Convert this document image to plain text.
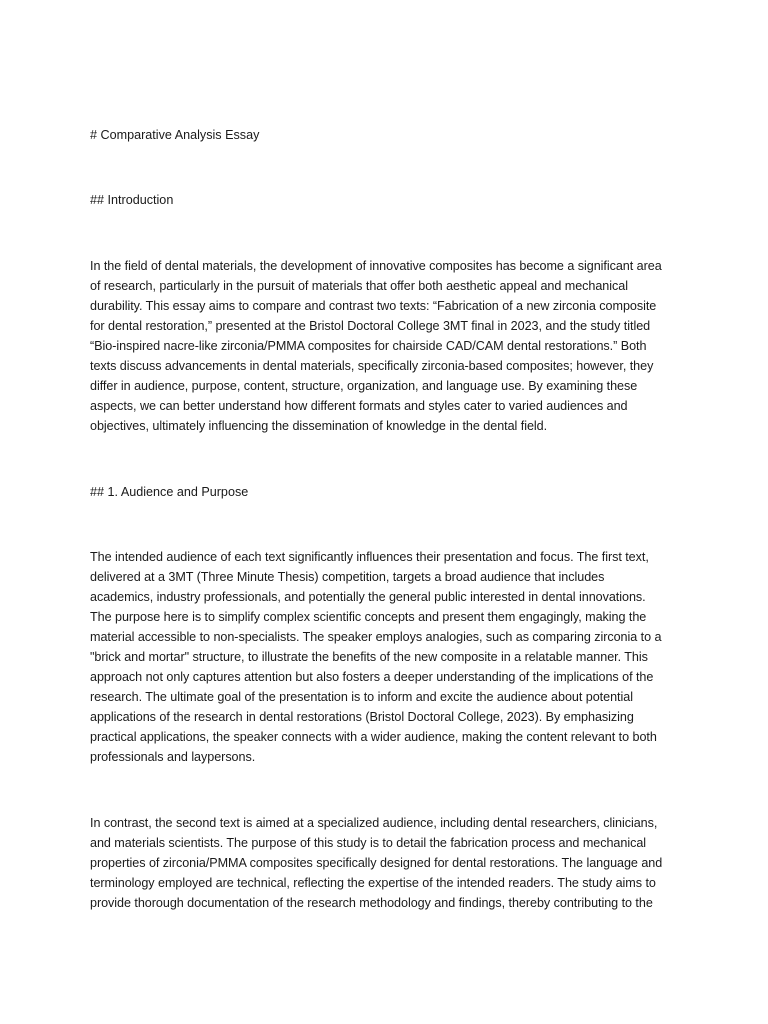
# Comparative Analysis Essay
## Introduction
In the field of dental materials, the development of innovative composites has become a significant area
of research, particularly in the pursuit of materials that offer both aesthetic appeal and mechanical
durability. This essay aims to compare and contrast two texts: “Fabrication of a new zirconia composite
for dental restoration,” presented at the Bristol Doctoral College 3MT final in 2023, and the study titled
“Bio-inspired nacre-like zirconia/PMMA composites for chairside CAD/CAM dental restorations.” Both
texts discuss advancements in dental materials, specifically zirconia-based composites; however, they
differ in audience, purpose, content, structure, organization, and language use. By examining these
aspects, we can better understand how different formats and styles cater to varied audiences and
objectives, ultimately influencing the dissemination of knowledge in the dental field.
## 1. Audience and Purpose
The intended audience of each text significantly influences their presentation and focus. The first text,
delivered at a 3MT (Three Minute Thesis) competition, targets a broad audience that includes
academics, industry professionals, and potentially the general public interested in dental innovations.
The purpose here is to simplify complex scientific concepts and present them engagingly, making the
material accessible to non-specialists. The speaker employs analogies, such as comparing zirconia to a
"brick and mortar" structure, to illustrate the benefits of the new composite in a relatable manner. This
approach not only captures attention but also fosters a deeper understanding of the implications of the
research. The ultimate goal of the presentation is to inform and excite the audience about potential
applications of the research in dental restorations (Bristol Doctoral College, 2023). By emphasizing
practical applications, the speaker connects with a wider audience, making the content relevant to both
professionals and laypersons.
In contrast, the second text is aimed at a specialized audience, including dental researchers, clinicians,
and materials scientists. The purpose of this study is to detail the fabrication process and mechanical
properties of zirconia/PMMA composites specifically designed for dental restorations. The language and
terminology employed are technical, reflecting the expertise of the intended readers. The study aims to
provide thorough documentation of the research methodology and findings, thereby contributing to the
